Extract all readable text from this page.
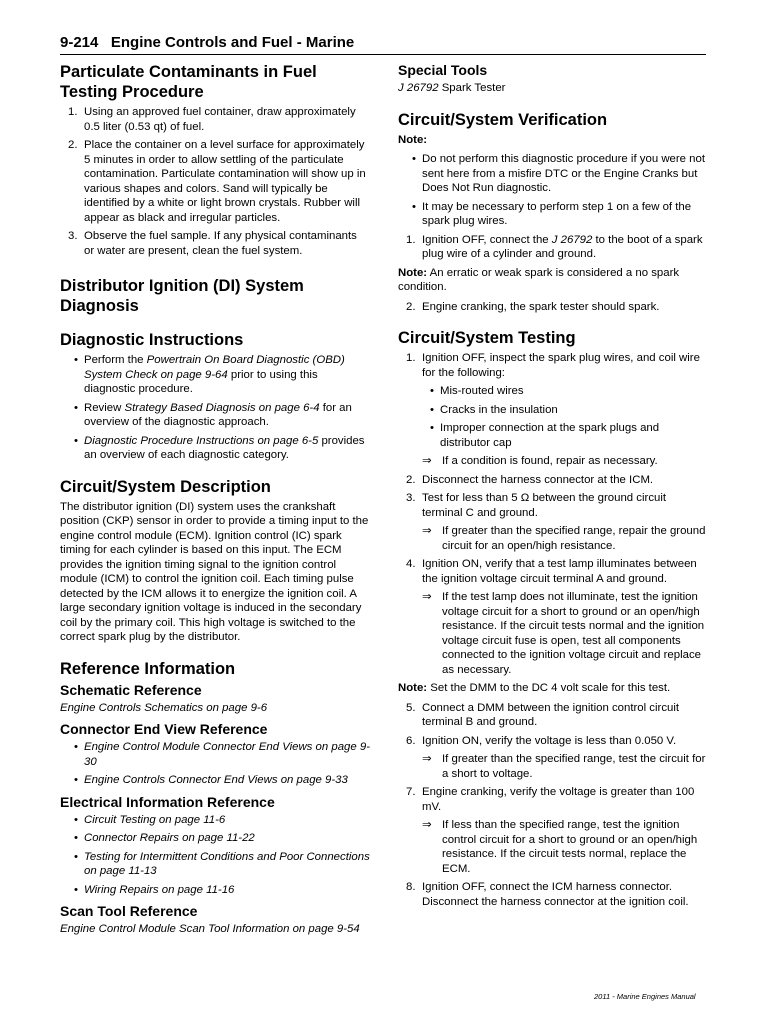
9-214 Engine Controls and Fuel - Marine
Particulate Contaminants in Fuel Testing Procedure
1. Using an approved fuel container, draw approximately 0.5 liter (0.53 qt) of fuel.
2. Place the container on a level surface for approximately 5 minutes in order to allow settling of the particulate contamination. Particulate contamination will show up in various shapes and colors. Sand will typically be identified by a white or light brown crystals. Rubber will appear as black and irregular particles.
3. Observe the fuel sample. If any physical contaminants or water are present, clean the fuel system.
Distributor Ignition (DI) System Diagnosis
Diagnostic Instructions
• Perform the Powertrain On Board Diagnostic (OBD) System Check on page 9-64 prior to using this diagnostic procedure.
• Review Strategy Based Diagnosis on page 6-4 for an overview of the diagnostic approach.
• Diagnostic Procedure Instructions on page 6-5 provides an overview of each diagnostic category.
Circuit/System Description

The distributor ignition (DI) system uses the crankshaft position (CKP) sensor in order to provide a timing input to the engine control module (ECM). Ignition control (IC) spark timing for each cylinder is based on this input. The ECM provides the ignition timing signal to the ignition control module (ICM) to control the ignition coil. Each timing pulse detected by the ICM allows it to energize the ignition coil. A large secondary ignition voltage is induced in the secondary coil by the primary coil. This high voltage is switched to the correct spark plug by the distributor.

Reference Information
Schematic Reference

Engine Controls Schematics on page 9-6

Connector End View Reference
• Engine Control Module Connector End Views on page 9-30
• Engine Controls Connector End Views on page 9-33
Electrical Information Reference
• Circuit Testing on page 11-6
• Connector Repairs on page 11-22
• Testing for Intermittent Conditions and Poor Connections on page 11-13
• Wiring Repairs on page 11-16
Scan Tool Reference

Engine Control Module Scan Tool Information on page 9-54

Special Tools

J 26792 Spark Tester

Circuit/System Verification

Note:

• Do not perform this diagnostic procedure if you were not sent here from a misfire DTC or the Engine Cranks but Does Not Run diagnostic.
• It may be necessary to perform step 1 on a few of the spark plug wires.
1. Ignition OFF, connect the J 26792 to the boot of a spark plug wire of a cylinder and ground.

Note: An erratic or weak spark is considered a no spark condition.

2. Engine cranking, the spark tester should spark.
Circuit/System Testing
1. Ignition OFF, inspect the spark plug wires, and coil wire for the following:
• Mis-routed wires
• Cracks in the insulation
• Improper connection at the spark plugs and distributor cap
⇒ If a condition is found, repair as necessary.
2. Disconnect the harness connector at the ICM.
3. Test for less than 5 Ω between the ground circuit terminal C and ground.
⇒ If greater than the specified range, repair the ground circuit for an open/high resistance.
4. Ignition ON, verify that a test lamp illuminates between the ignition voltage circuit terminal A and ground.
⇒ If the test lamp does not illuminate, test the ignition voltage circuit for a short to ground or an open/high resistance. If the circuit tests normal and the ignition voltage circuit fuse is open, test all components connected to the ignition voltage circuit and replace as necessary.

Note: Set the DMM to the DC 4 volt scale for this test.

5. Connect a DMM between the ignition control circuit terminal B and ground.
6. Ignition ON, verify the voltage is less than 0.050 V.
⇒ If greater than the specified range, test the circuit for a short to voltage.
7. Engine cranking, verify the voltage is greater than 100 mV.
⇒ If less than the specified range, test the ignition control circuit for a short to ground or an open/high resistance. If the circuit tests normal, replace the ECM.
8. Ignition OFF, connect the ICM harness connector. Disconnect the harness connector at the ignition coil.
2011 - Marine Engines Manual
